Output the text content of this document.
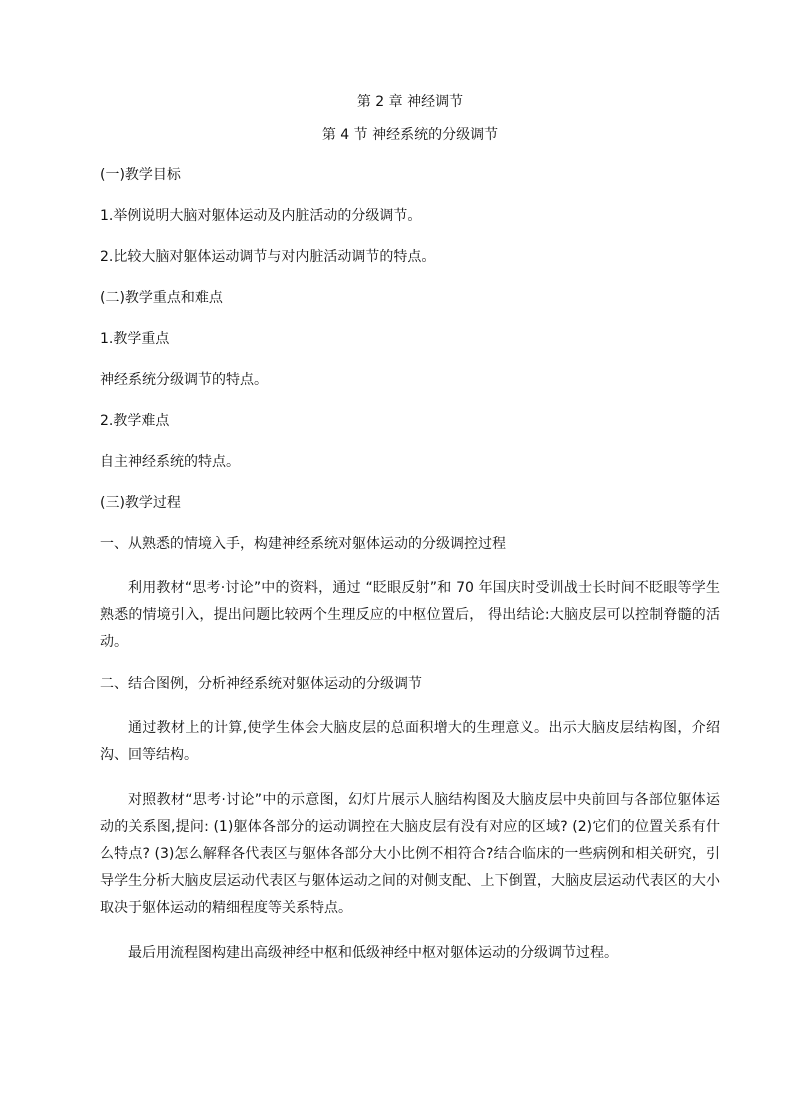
第 2 章 神经调节

第 4 节 神经系统的分级调节

(一)教学目标

1.举例说明大脑对躯体运动及内脏活动的分级调节。

2.比较大脑对躯体运动调节与对内脏活动调节的特点。

(二)教学重点和难点

1.教学重点

神经系统分级调节的特点。

2.教学难点

自主神经系统的特点。

(三)教学过程

一、从熟悉的情境入手，构建神经系统对躯体运动的分级调控过程

利用教材“思考·讨论”中的资料，通过 “眨眼反射”和 70 年国庆时受训战士长时间不眨眼等学生熟悉的情境引入，提出问题比较两个生理反应的中枢位置后， 得出结论:大脑皮层可以控制脊髓的活动。

二、结合图例，分析神经系统对躯体运动的分级调节

通过教材上的计算,使学生体会大脑皮层的总面积增大的生理意义。出示大脑皮层结构图，介绍沟、回等结构。

对照教材“思考·讨论”中的示意图，幻灯片展示人脑结构图及大脑皮层中央前回与各部位躯体运动的关系图,提问: (1)躯体各部分的运动调控在大脑皮层有没有对应的区域? (2)它们的位置关系有什么特点? (3)怎么解释各代表区与躯体各部分大小比例不相符合?结合临床的一些病例和相关研究，引导学生分析大脑皮层运动代表区与躯体运动之间的对侧支配、上下倒置，大脑皮层运动代表区的大小取决于躯体运动的精细程度等关系特点。

最后用流程图构建出高级神经中枢和低级神经中枢对躯体运动的分级调节过程。
